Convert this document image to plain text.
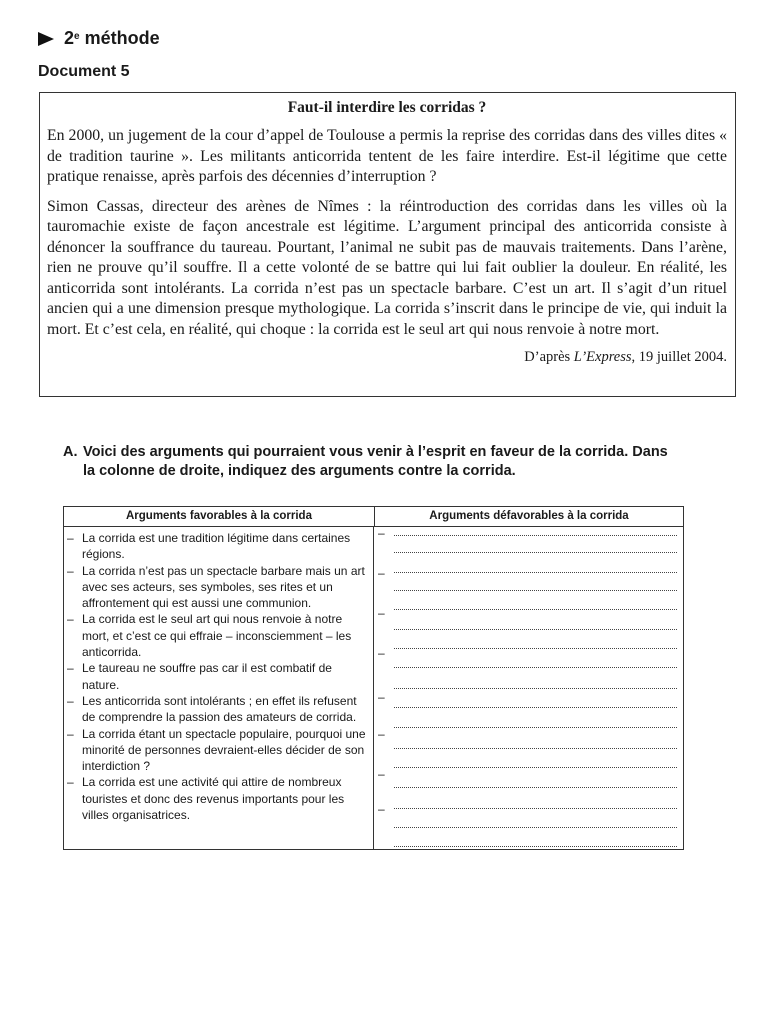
2e
méthode
Document 5
Faut-il interdire les corridas ?

En 2000, un jugement de la cour d’appel de Toulouse a permis la reprise des corridas dans des villes dites « de tradition taurine ». Les militants anticorrida tentent de les faire interdire. Est-il légitime que cette pratique renaisse, après parfois des décennies d’interruption ?

Simon Cassas, directeur des arènes de Nîmes : la réintroduction des corridas dans les villes où la tauromachie existe de façon ancestrale est légitime. L’argument principal des anticorrida consiste à dénoncer la souffrance du taureau. Pourtant, l’animal ne subit pas de mauvais traitements. Dans l’arène, rien ne prouve qu’il souffre. Il a cette volonté de se battre qui lui fait oublier la douleur. En réalité, les anticorrida sont intolérants. La corrida n’est pas un spectacle barbare. C’est un art. Il s’agit d’un rituel ancien qui a une dimension presque mythologique. La corrida s’inscrit dans le principe de vie, qui induit la mort. Et c’est cela, en réalité, qui choque : la corrida est le seul art qui nous renvoie à notre mort.

D’après L’Express, 19 juillet 2004.
A. Voici des arguments qui pourraient vous venir à l’esprit en faveur de la corrida. Dans la colonne de droite, indiquez des arguments contre la corrida.
Arguments favorables à la corrida	Arguments défavorables à la corrida
– La corrida est une tradition légitime dans certaines régions.
– La corrida n’est pas un spectacle barbare mais un art avec ses acteurs, ses symboles, ses rites et un affrontement qui est aussi une communion.
– La corrida est le seul art qui nous renvoie à notre mort, et c’est ce qui effraie – inconsciemment – les anticorrida.
– Le taureau ne souffre pas car il est combatif de nature.
– Les anticorrida sont intolérants ; en effet ils refusent de comprendre la passion des amateurs de corrida.
– La corrida étant un spectacle populaire, pourquoi une minorité de personnes devraient-elles décider de son interdiction ?
– La corrida est une activité qui attire de nombreux touristes et donc des revenus importants pour les villes organisatrices.
–
–
–
–
–
–
–
–
